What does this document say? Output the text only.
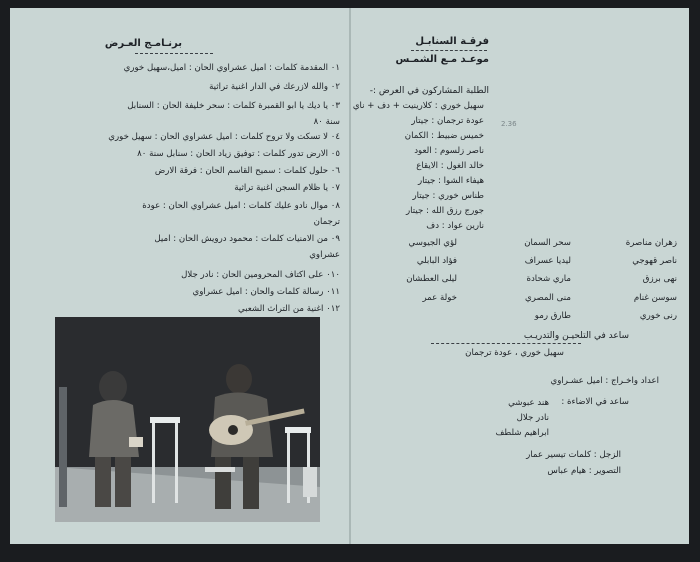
برنـامـج العـرض
٠١ المقدمة كلمات : اميل عشراوي الحان : اميل،سهيل خوري
٠٢ والله لازرعك في الدار اغنية تراثية
٠٣ يا ديك يا ابو القمبرة كلمات : سحر خليفة الحان : السنابل
سنة ٨٠
٠٤ لا تسكت ولا تروح كلمات : اميل عشراوي الحان : سهيل خوري
٠٥ الارض تدور كلمات : توفيق زياد الحان : سنابل سنة ٨٠
٠٦ حلول كلمات : سميح القاسم الحان : فرقة الارض
٠٧ يا ظلام السجن اغنية تراثية
٠٨ موال نادو عليك كلمات : اميل عشراوي الحان : عودة
ترجمان
٠٩ من الامنيات كلمات : محمود درويش الحان : اميل
عشراوي
٠١٠ على اكتاف المحرومين الحان : نادر جلال
٠١١ رسالة كلمات والحان : اميل عشراوي
٠١٢ اغنية من التراث الشعبي
فرقـة السنابـل
موعـد مـع الشمـس
الطلبة المشاركون في العرض :-
سهيل خوري : كلارينيت + دف + ناي
عودة ترجمان : جيتار
خميس ضبيط : الكمان
ناصر زلسوم : العود
خالد الغول : الايقاع
هيفاء الشوا : جيتار
طناس خوري : جيتار
جورج رزق الله : جيتار
نارين عواد : دف
2.36
زهران مناصرة
ناصر قهوجي
نهى برزق
سوسن غنام
رنى خوري
سحر السمان
ليديا عسراف
ماري شحادة
منى المصري
طارق رمو
لؤي الجيوسي
فؤاد البابلي
ليلى العطشان
خولة عمر
ساعد في التلحيـن والتدريـب
سهيل خوري ، عودة ترجمان
اعداد واخـراج : اميل عشـراوي
ساعد في الاضاءة :
هند عبوشي
نادر جلال
ابراهيم شلطف
الزجل : كلمات تيسير عمار
التصوير : هيام عباس
